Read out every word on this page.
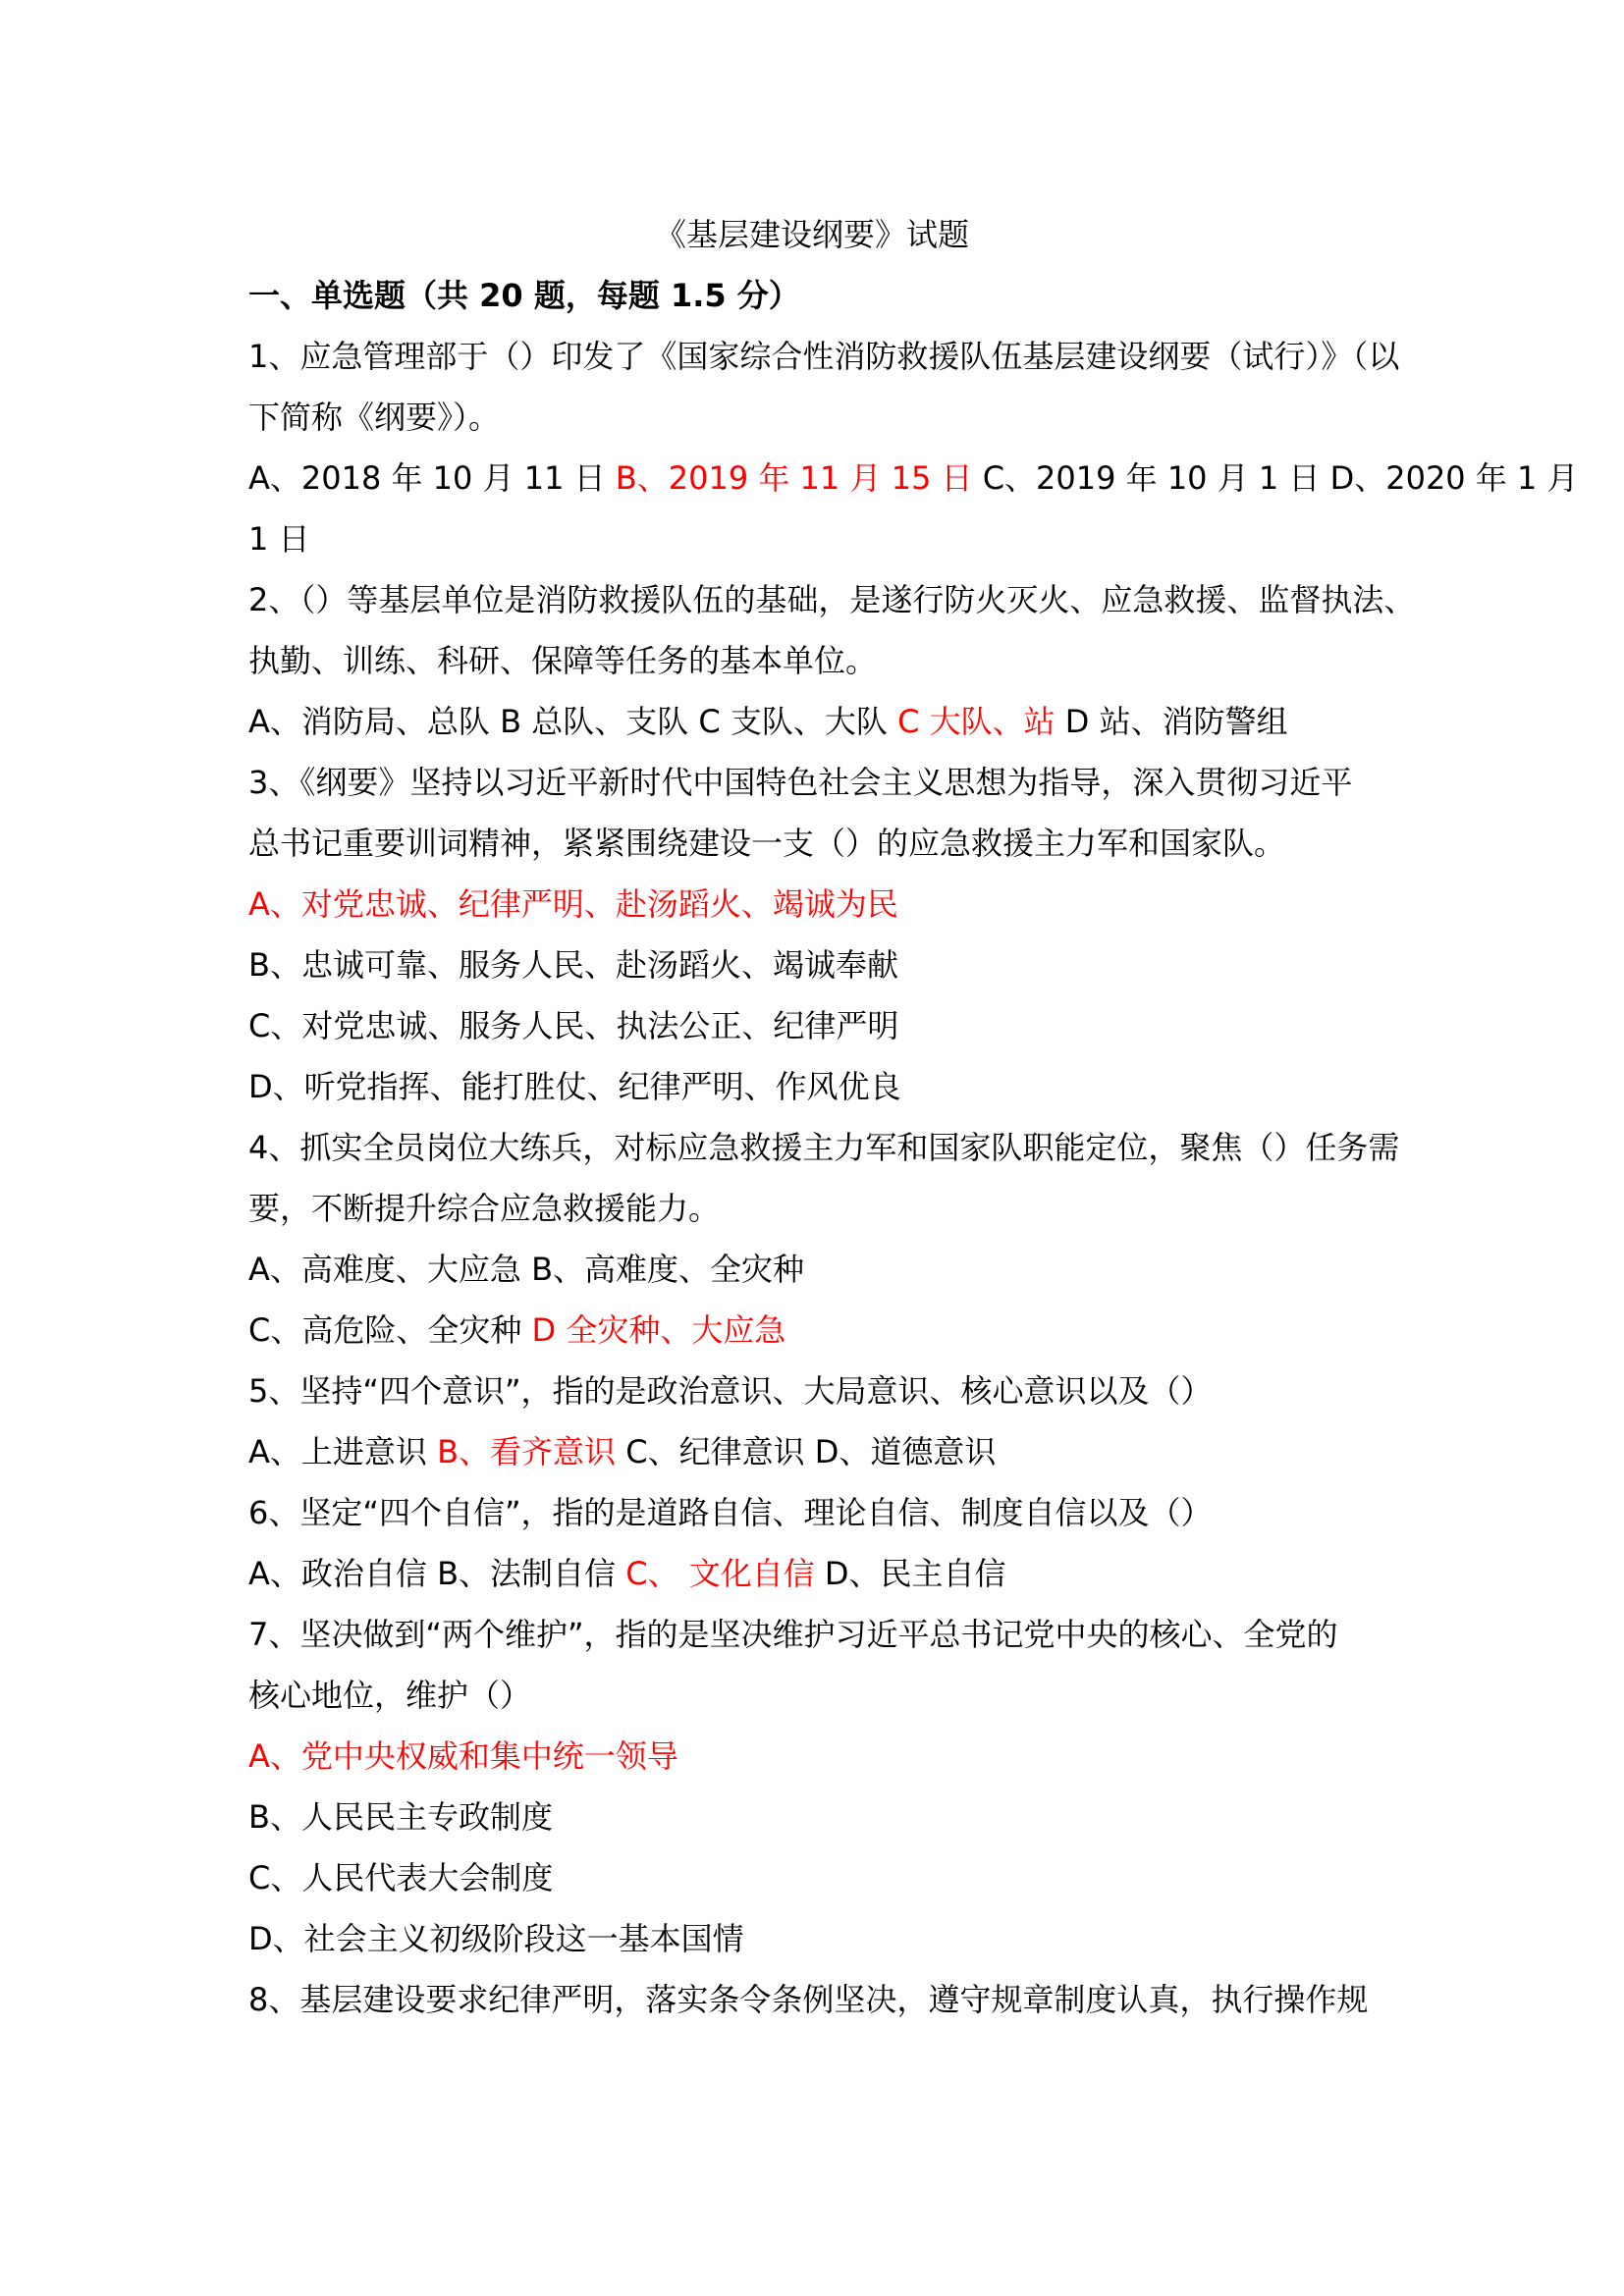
《基层建设纲要》试题
一、单选题（共 20 题，每题 1.5 分）
1、应急管理部于（）印发了《国家综合性消防救援队伍基层建设纲要（试行）》（以
下简称《纲要》）。
A、2018 年 10 月 11 日 B、2019 年 11 月 15 日 C、2019 年 10 月 1 日 D、2020 年 1 月
1 日
2、（）等基层单位是消防救援队伍的基础，是遂行防火灭火、应急救援、监督执法、
执勤、训练、科研、保障等任务的基本单位。
A、消防局、总队 B 总队、支队 C 支队、大队 C 大队、站 D 站、消防警组
3、《纲要》坚持以习近平新时代中国特色社会主义思想为指导，深入贯彻习近平
总书记重要训词精神，紧紧围绕建设一支（）的应急救援主力军和国家队。
A、对党忠诚、纪律严明、赴汤蹈火、竭诚为民
B、忠诚可靠、服务人民、赴汤蹈火、竭诚奉献
C、对党忠诚、服务人民、执法公正、纪律严明
D、听党指挥、能打胜仗、纪律严明、作风优良
4、抓实全员岗位大练兵，对标应急救援主力军和国家队职能定位，聚焦（）任务需
要，不断提升综合应急救援能力。
A、高难度、大应急 B、高难度、全灾种
C、高危险、全灾种 D 全灾种、大应急
5、坚持“四个意识”，指的是政治意识、大局意识、核心意识以及（）
A、上进意识 B、看齐意识 C、纪律意识 D、道德意识
6、坚定“四个自信”，指的是道路自信、理论自信、制度自信以及（）
A、政治自信 B、法制自信 C、 文化自信 D、民主自信
7、坚决做到“两个维护”，指的是坚决维护习近平总书记党中央的核心、全党的
核心地位，维护（）
A、党中央权威和集中统一领导
B、人民民主专政制度
C、人民代表大会制度
D、社会主义初级阶段这一基本国情
8、基层建设要求纪律严明，落实条令条例坚决，遵守规章制度认真，执行操作规
